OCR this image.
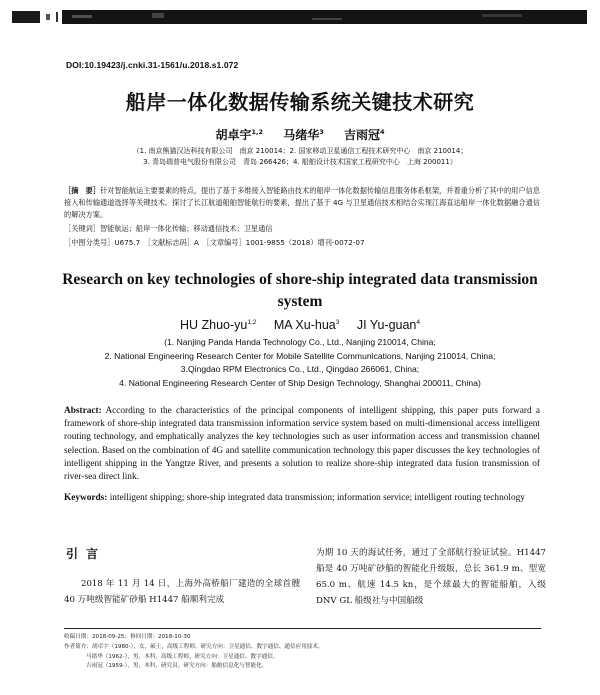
DOI:10.19423/j.cnki.31-1561/u.2018.s1.072
船岸一体化数据传输系统关键技术研究
胡卓宇$^{1,2}$ 马绪华$^3$ 吉雨冠$^4$
（1. 南京熊猫汉达科技有限公司　南京 210014；2. 国家移动卫星通信工程技术研究中心　南京 210014；
3. 青岛瑞普电气股份有限公司　青岛 266426；4. 船舶设计技术国家工程研究中心　上海 200011）
［摘　要］针对智能航运主要要素的特点，提出了基于多维接入智能路由技术的船岸一体化数据传输信息服务体系框架，并着重分析了其中的用户信息接入和传输通道选择等关键技术。探讨了长江航道船舶智能航行的要素，提出了基于 4G 与卫星通信技术相结合实现江海直达船岸一体化数据融合通信的解决方案。
［关键词］智能航运；船岸一体化传输；移动通信技术；卫星通信
［中图分类号］U675.7　［文献标志码］A　［文章编号］1001-9855（2018）增刊-0072-07
Research on key technologies of shore-ship integrated data transmission system
HU Zhuo-yu$^{1,2}$ MA Xu-hua$^3$ JI Yu-guan$^4$
(1. Nanjing Panda Handa Technology Co., Ltd., Nanjing 210014, China;
2. National Engineering Research Center for Mobile Satellite Communications, Nanjing 210014, China;
3.Qingdao RPM Electronics Co., Ltd., Qingdao 266061, China;
4. National Engineering Research Center of Ship Design Technology, Shanghai 200011, China)
Abstract: According to the characteristics of the principal components of intelligent shipping, this paper puts forward a framework of shore-ship integrated data transmission information service system based on multi-dimensional access intelligent routing technology, and emphatically analyzes the key technologies such as user information access and transmission channel selection. Based on the combination of 4G and satellite communication technology this paper discusses the key technologies of intelligent shipping in the Yangtze River, and presents a solution to realize shore-ship integrated data fusion transmission of river-sea direct link.
Keywords: intelligent shipping; shore-ship integrated data transmission; information service; intelligent routing technology
引言
2018 年 11 月 14 日，上海外高桥船厂建造的全球首艘 40 万吨级智能矿砂船 H1447 船顺利完成
为期 10 天的海试任务，通过了全部航行验证试验。H1447 船是 40 万吨矿砂船的智能化升级版，总长 361.9 m、型宽 65.0 m、航速 14.5 kn，是个球最大的智能船舶，入级 DNV GL 船级社与中国船级
收稿日期：2018-09-25；修回日期：2018-10-30
作者简介：胡卓宇（1980-），女，硕士，高级工程师。研究方向：卫星通信、数字通信、通信应用技术。
马绪华（1962-），男，本科，高级工程师。研究方向：卫星通信、数字通信。
吉雨冠（1959-），男，本科，研究员。研究方向：船舶信息化与智能化。
